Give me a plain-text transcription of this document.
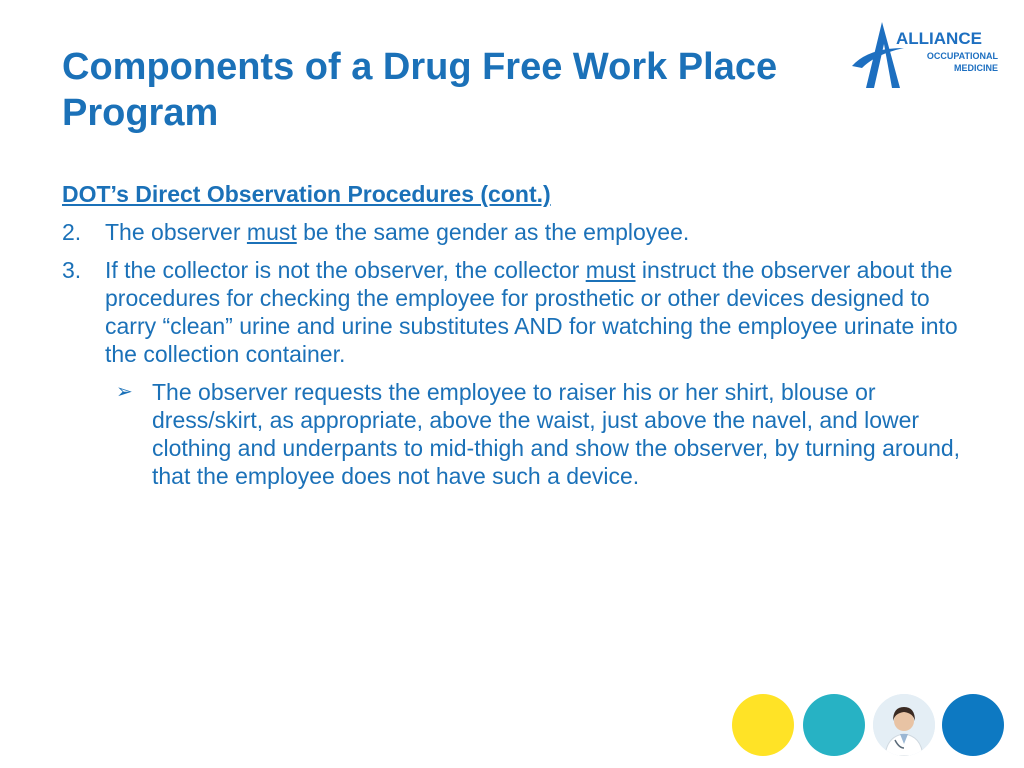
Components of a Drug Free Work Place Program
ALLIANCE
OCCUPATIONAL
MEDICINE
DOT’s Direct Observation Procedures (cont.)
2.	The observer must be the same gender as the employee.
3.	If the collector is not the observer, the collector must instruct the observer about the procedures for checking the employee for prosthetic or other devices designed to carry “clean” urine and urine substitutes AND for watching the employee urinate into the collection container.
➢ The observer requests the employee to raiser his or her shirt, blouse or dress/skirt, as appropriate, above the waist, just above the navel, and lower clothing and underpants to mid-thigh and show the observer, by turning around, that the employee does not have such a device.
